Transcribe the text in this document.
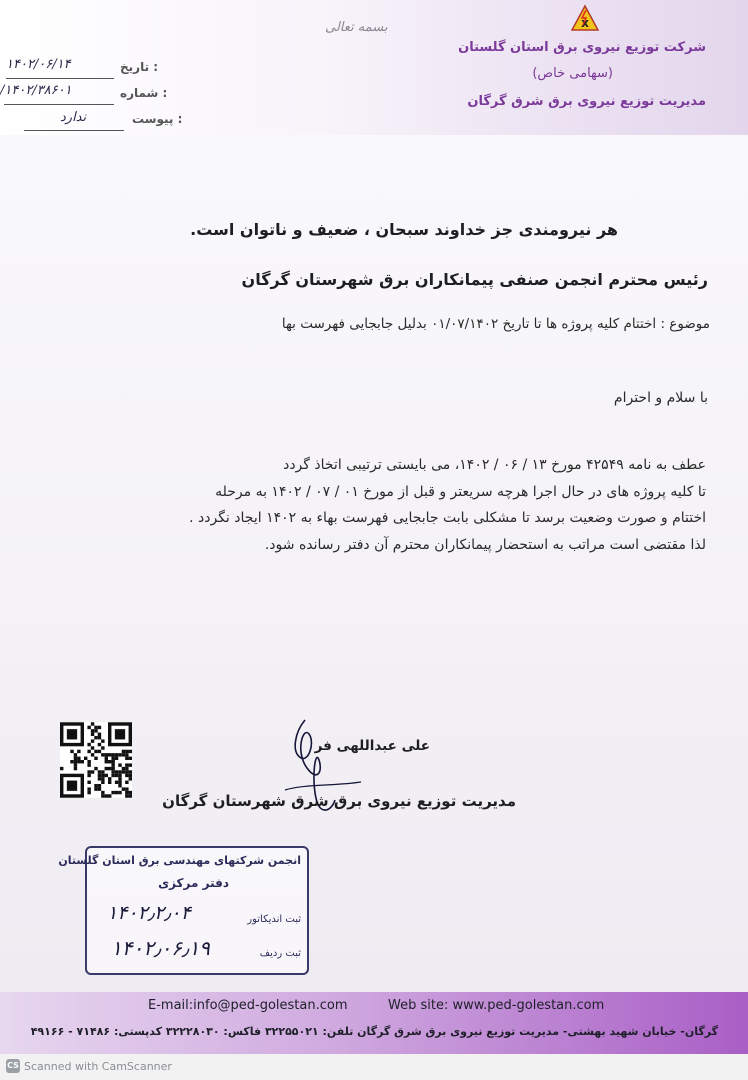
بسمه تعالی	x
شرکت توزیع نیروی برق استان گلستان
(سهامی خاص)
مدیریت توزیع نیروی برق شرق گرگان
: تاریخ
۱۴۰۲/۰۶/۱۴
: شماره
/۱۴۰۲/۳۸۶۰۱
: پیوست
ندارد
هر نیرومندی جز خداوند سبحان ، ضعیف و ناتوان است.
رئیس محترم انجمن صنفی پیمانکاران برق شهرستان گرگان
موضوع : اختتام کلیه پروژه ها تا تاریخ ۰۱/۰۷/۱۴۰۲ بدلیل جابجایی فهرست بها
با سلام و احترام
عطف به نامه ۴۲۵۴۹ مورخ ۱۳ / ۰۶ / ۱۴۰۲، می بایستی ترتیبی اتخاذ گردد
تا کلیه پروژه های در حال اجرا هرچه سریعتر و قبل از مورخ ۰۱ / ۰۷ / ۱۴۰۲ به مرحله
اختتام و صورت وضعیت برسد تا مشکلی بابت جابجایی فهرست بهاء به ۱۴۰۲ ایجاد نگردد .
لذا مقتضی است مراتب به استحضار پیمانکاران محترم آن دفتر رسانده شود.
علی عبداللهی فر
مدیریت توزیع نیروی برق شرق شهرستان گرگان
انجمن شرکتهای مهندسی برق استان گلستان
دفتر مرکزی
ثبت اندیکاتور
۱۴۰۲٫۲٫۰۴
ثبت ردیف
۱۴۰۲٫۰۶٫۱۹
E-mail:info@ped-golestan.com	Web site: www.ped-golestan.com
گرگان- خیابان شهید بهشتی- مدیریت توزیع نیروی برق شرق گرگان تلفن: ۳۲۲۵۵۰۲۱ فاکس: ۳۲۲۲۸۰۳۰ کدپستی: ۷۱۴۸۶ - ۴۹۱۶۶
CS Scanned with CamScanner
